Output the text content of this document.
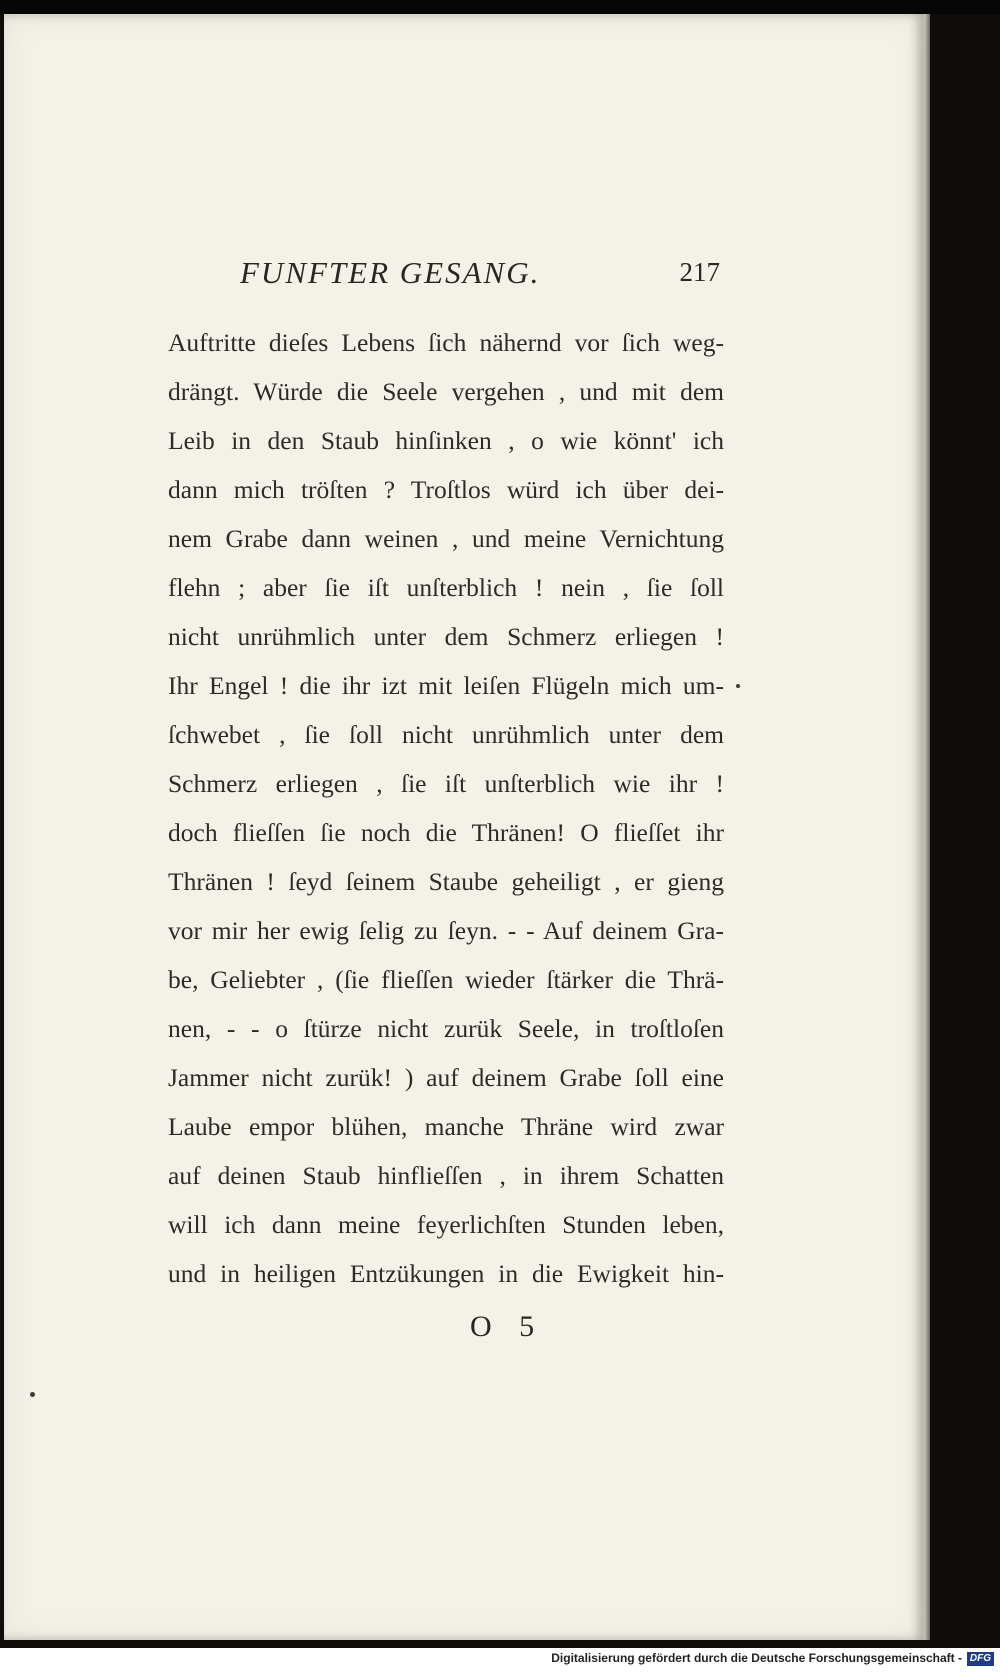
FUNFTER GESANG.	217
Auftritte dieſes Lebens ſich nähernd vor ſich weg-
drängt. Würde die Seele vergehen , und mit dem
Leib in den Staub hinſinken , o wie könnt' ich
dann mich tröſten ? Troſtlos würd ich über dei-
nem Grabe dann weinen , und meine Vernichtung
flehn ; aber ſie iſt unſterblich ! nein , ſie ſoll
nicht unrühmlich unter dem Schmerz erliegen !
Ihr Engel ! die ihr izt mit leiſen Flügeln mich um-
ſchwebet , ſie ſoll nicht unrühmlich unter dem
Schmerz erliegen , ſie iſt unſterblich wie ihr !
doch flieſſen ſie noch die Thränen! O flieſſet ihr
Thränen ! ſeyd ſeinem Staube geheiligt , er gieng
vor mir her ewig ſelig zu ſeyn. - - Auf deinem Gra-
be, Geliebter , (ſie flieſſen wieder ſtärker die Thrä-
nen, - - o ſtürze nicht zurük Seele, in troſtloſen
Jammer nicht zurük! ) auf deinem Grabe ſoll eine
Laube empor blühen, manche Thräne wird zwar
auf deinen Staub hinflieſſen , in ihrem Schatten
will ich dann meine feyerlichſten Stunden leben,
und in heiligen Entzükungen in die Ewigkeit hin-
O 5
Digitalisierung gefördert durch die Deutsche Forschungsgemeinschaft - DFG
